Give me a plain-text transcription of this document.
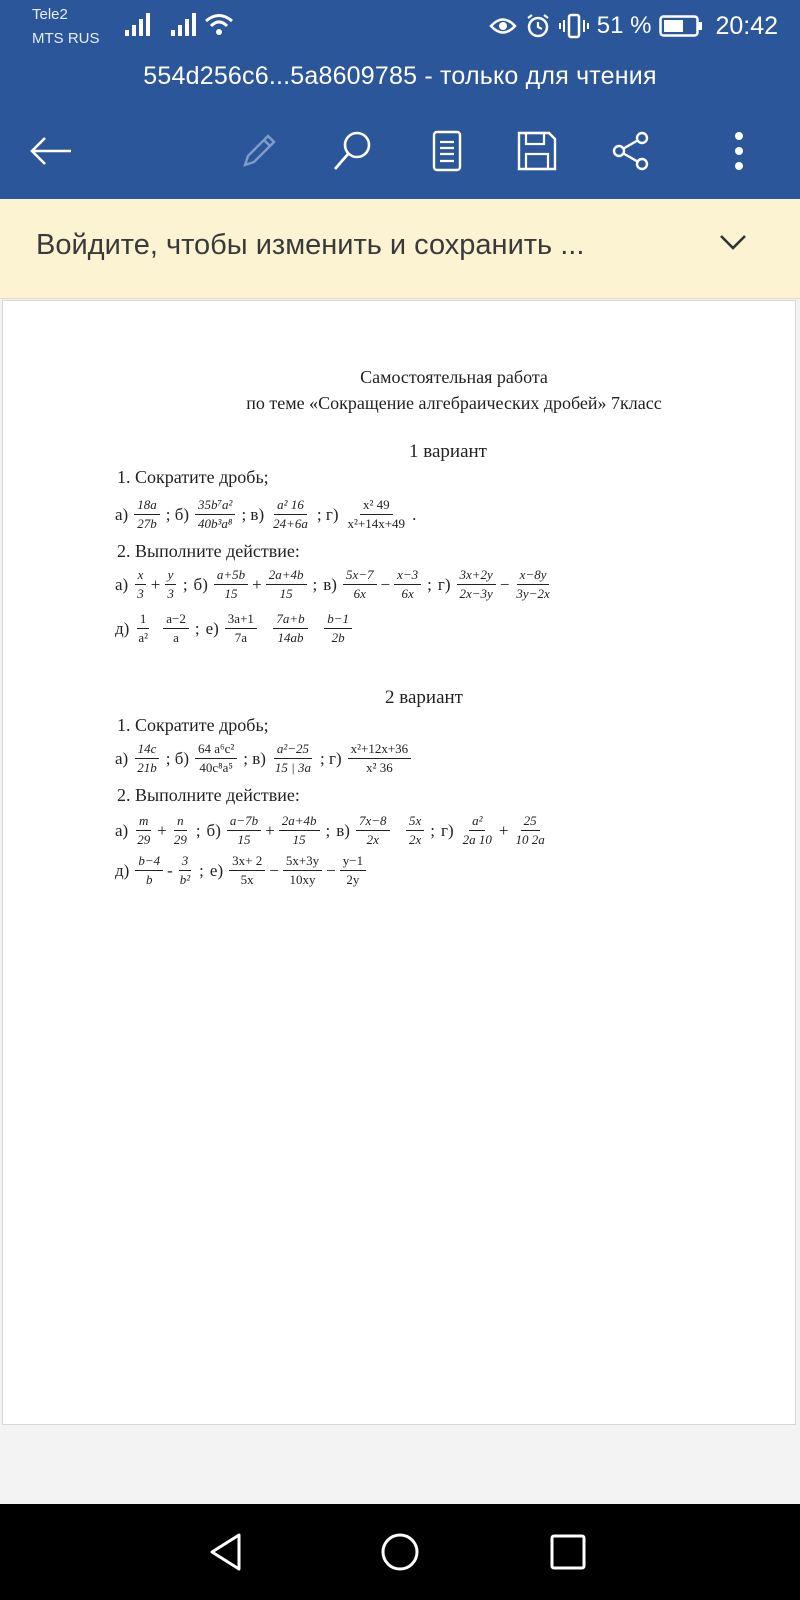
Tele2
MTS RUS	51 %	20:42
554d256c6...5a8609785 - только для чтения
Войдите, чтобы изменить и сохранить ...
Самостоятельная работа
по теме «Сокращение алгебраических дробей» 7класс
1 вариант
1. Сократите дробь;
$а) \frac{18a}{27b}$ ; $б) \frac{\text{35b⁷a²}}{\text{40b³a⁸}}$ ; $в) \frac{\text{a² 16}}{24+6a}$ ; $г) \frac{\text{x² 49}}{\text{x²+14x+49}}$ .
2. Выполните действие:
$а) \frac{x}{3} + \frac{y}{3}$ ; $б) \frac{a+5b}{15} + \frac{2a+4b}{15}$ ; $в) \frac{5x-7}{6x} - \frac{x-3}{6x}$ ; $г) \frac{3x+2y}{2x-3y} - \frac{x-8y}{3y-2x}$
$д) \frac{1}{\text{a²}}$
$\frac{a-2}{a}$ ; $е) \frac{3a+1}{7a}$
$\frac{7a+b}{14ab}$
$\frac{b-1}{2b}$
2 вариант
1. Сократите дробь;
$а) \frac{14c}{21b}$ ; $б) \frac{\text{64 a⁶c²}}{\text{40c⁸a⁵}}$ ; $в) \frac{\text{a²−25}}{15 | 3a}$ ; $г) \frac{\text{x²+12x+36}}{\text{x² 36}}$
2. Выполните действие:
$а) \frac{m}{29} + \frac{n}{29}$ ; $б) \frac{a-7b}{15} + \frac{2a+4b}{15}$ ; $в) \frac{7x-8}{2x}$
$\frac{5x}{2x}$ ; $г) \frac{\text{a²}}{2a 10} + \frac{25}{10 2a}$
$д) \frac{b-4}{b} - \frac{3}{\text{b²}}$ ; $е) \frac{3x+ 2}{5x} - \frac{5x+3y}{10xy} - \frac{y-1}{2y}$
